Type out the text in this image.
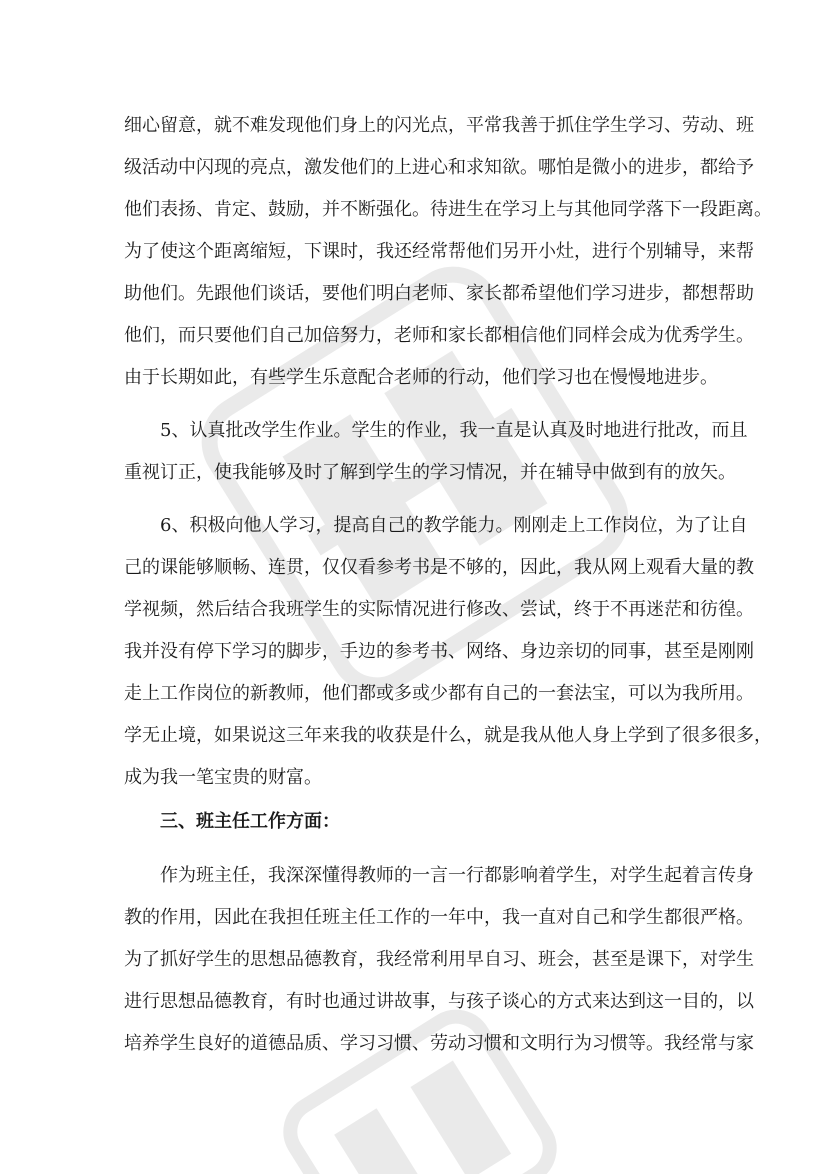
细心留意，就不难发现他们身上的闪光点，平常我善于抓住学生学习、劳动、班
级活动中闪现的亮点，激发他们的上进心和求知欲。哪怕是微小的进步，都给予
他们表扬、肯定、鼓励，并不断强化。待进生在学习上与其他同学落下一段距离。
为了使这个距离缩短，下课时，我还经常帮他们另开小灶，进行个别辅导，来帮
助他们。先跟他们谈话，要他们明白老师、家长都希望他们学习进步，都想帮助
他们，而只要他们自己加倍努力，老师和家长都相信他们同样会成为优秀学生。
由于长期如此，有些学生乐意配合老师的行动，他们学习也在慢慢地进步。
5、认真批改学生作业。学生的作业，我一直是认真及时地进行批改，而且
重视订正，使我能够及时了解到学生的学习情况，并在辅导中做到有的放矢。
6、积极向他人学习，提高自己的教学能力。刚刚走上工作岗位，为了让自
己的课能够顺畅、连贯，仅仅看参考书是不够的，因此，我从网上观看大量的教
学视频，然后结合我班学生的实际情况进行修改、尝试，终于不再迷茫和彷徨。
我并没有停下学习的脚步，手边的参考书、网络、身边亲切的同事，甚至是刚刚
走上工作岗位的新教师，他们都或多或少都有自己的一套法宝，可以为我所用。
学无止境，如果说这三年来我的收获是什么，就是我从他人身上学到了很多很多，
成为我一笔宝贵的财富。
三、班主任工作方面：
作为班主任，我深深懂得教师的一言一行都影响着学生，对学生起着言传身
教的作用，因此在我担任班主任工作的一年中，我一直对自己和学生都很严格。
为了抓好学生的思想品德教育，我经常利用早自习、班会，甚至是课下，对学生
进行思想品德教育，有时也通过讲故事，与孩子谈心的方式来达到这一目的，以
培养学生良好的道德品质、学习习惯、劳动习惯和文明行为习惯等。我经常与家
